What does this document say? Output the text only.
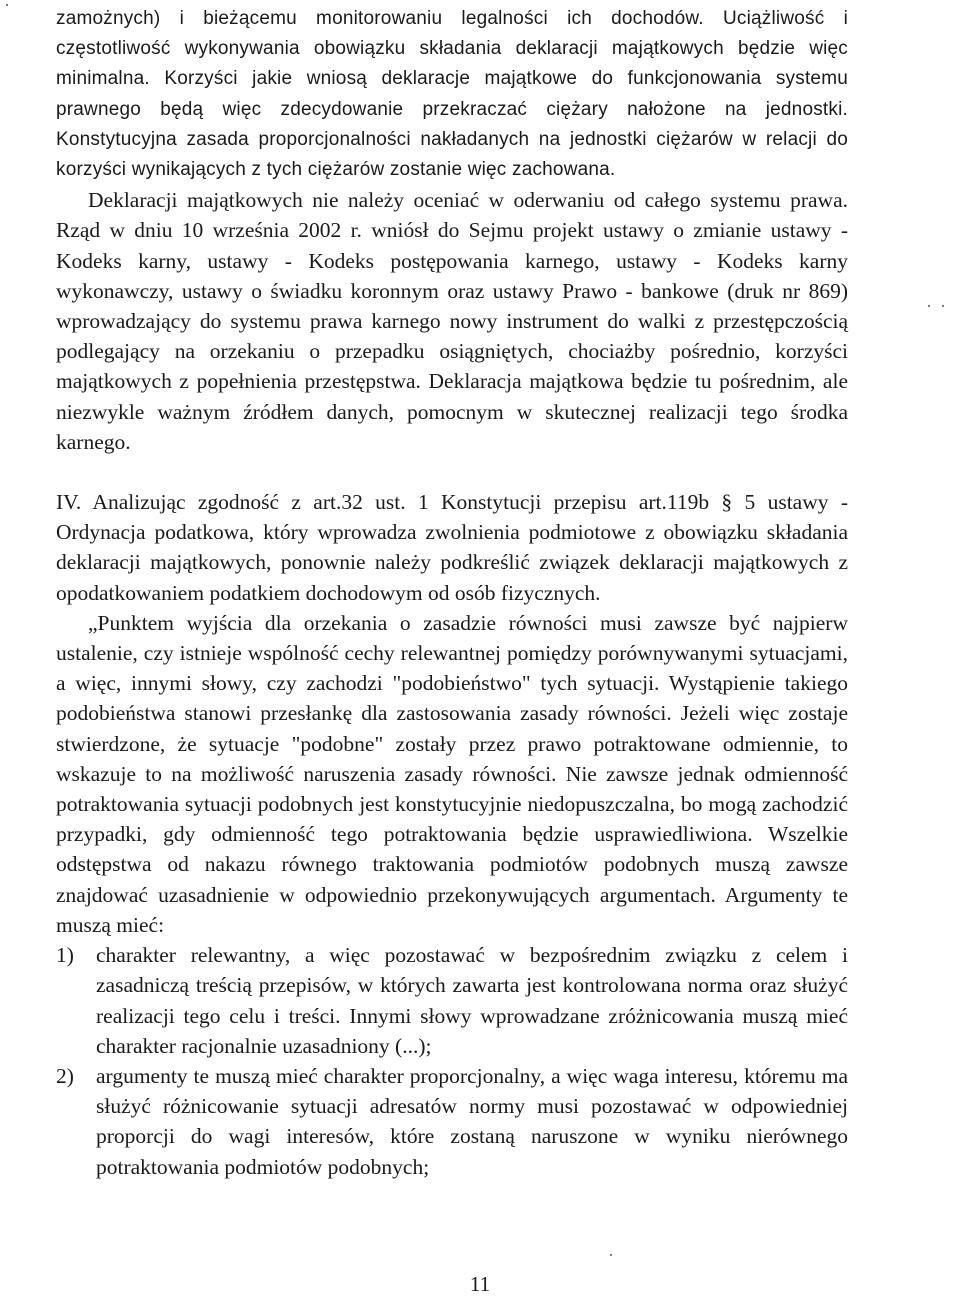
zamożnych) i bieżącemu monitorowaniu legalności ich dochodów. Uciążliwość i częstotliwość wykonywania obowiązku składania deklaracji majątkowych będzie więc minimalna. Korzyści jakie wniosą deklaracje majątkowe do funkcjonowania systemu prawnego będą więc zdecydowanie przekraczać ciężary nałożone na jednostki. Konstytucyjna zasada proporcjonalności nakładanych na jednostki ciężarów w relacji do korzyści wynikających z tych ciężarów zostanie więc zachowana.

Deklaracji majątkowych nie należy oceniać w oderwaniu od całego systemu prawa. Rząd w dniu 10 września 2002 r. wniósł do Sejmu projekt ustawy o zmianie ustawy - Kodeks karny, ustawy - Kodeks postępowania karnego, ustawy - Kodeks karny wykonawczy, ustawy o świadku koronnym oraz ustawy Prawo - bankowe (druk nr 869) wprowadzający do systemu prawa karnego nowy instrument do walki z przestępczością podlegający na orzekaniu o przepadku osiągniętych, chociażby pośrednio, korzyści majątkowych z popełnienia przestępstwa. Deklaracja majątkowa będzie tu pośrednim, ale niezwykle ważnym źródłem danych, pomocnym w skutecznej realizacji tego środka karnego.

IV. Analizując zgodność z art.32 ust. 1 Konstytucji przepisu art.119b § 5 ustawy - Ordynacja podatkowa, który wprowadza zwolnienia podmiotowe z obowiązku składania deklaracji majątkowych, ponownie należy podkreślić związek deklaracji majątkowych z opodatkowaniem podatkiem dochodowym od osób fizycznych.

„Punktem wyjścia dla orzekania o zasadzie równości musi zawsze być najpierw ustalenie, czy istnieje wspólność cechy relewantnej pomiędzy porównywanymi sytuacjami, a więc, innymi słowy, czy zachodzi "podobieństwo" tych sytuacji. Wystąpienie takiego podobieństwa stanowi przesłankę dla zastosowania zasady równości. Jeżeli więc zostaje stwierdzone, że sytuacje "podobne" zostały przez prawo potraktowane odmiennie, to wskazuje to na możliwość naruszenia zasady równości. Nie zawsze jednak odmienność potraktowania sytuacji podobnych jest konstytucyjnie niedopuszczalna, bo mogą zachodzić przypadki, gdy odmienność tego potraktowania będzie usprawiedliwiona. Wszelkie odstępstwa od nakazu równego traktowania podmiotów podobnych muszą zawsze znajdować uzasadnienie w odpowiednio przekonywujących argumentach. Argumenty te muszą mieć:

1) charakter relewantny, a więc pozostawać w bezpośrednim związku z celem i zasadniczą treścią przepisów, w których zawarta jest kontrolowana norma oraz służyć realizacji tego celu i treści. Innymi słowy wprowadzane zróżnicowania muszą mieć charakter racjonalnie uzasadniony (...);
2) argumenty te muszą mieć charakter proporcjonalny, a więc waga interesu, któremu ma służyć różnicowanie sytuacji adresatów normy musi pozostawać w odpowiedniej proporcji do wagi interesów, które zostaną naruszone w wyniku nierównego potraktowania podmiotów podobnych;
11
